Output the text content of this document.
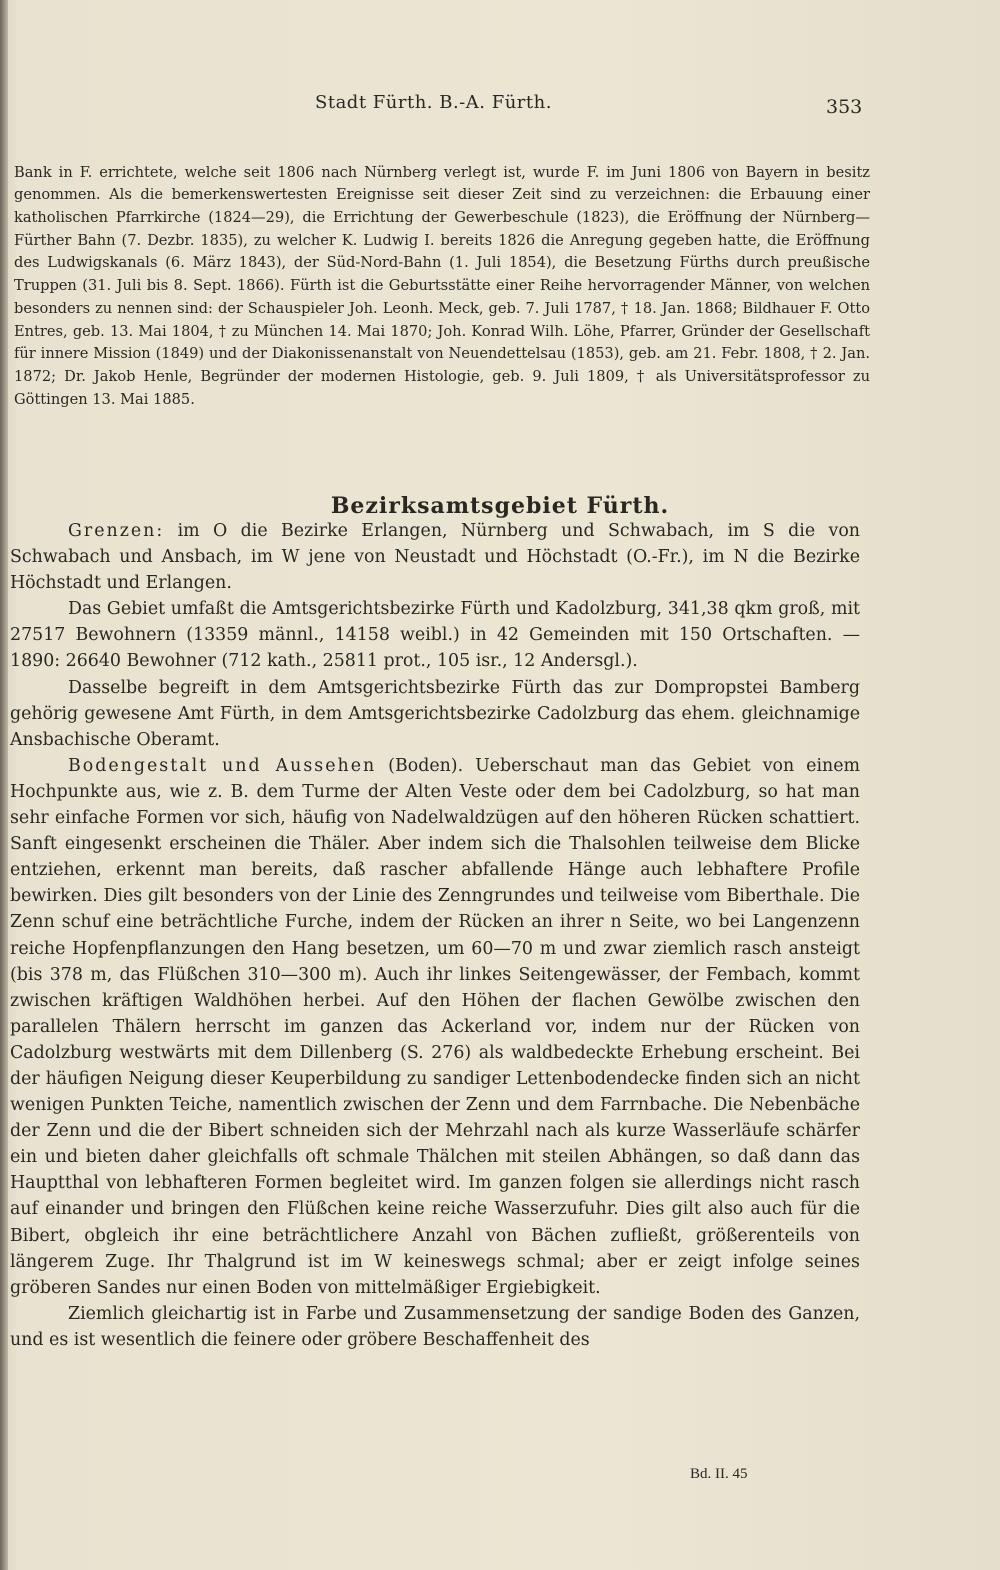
Stadt Fürth. B.-A. Fürth.	353

Bank in F. errichtete, welche seit 1806 nach Nürnberg verlegt ist, wurde F. im Juni 1806 von Bayern in besitz genommen. Als die bemerkenswertesten Ereignisse seit dieser Zeit sind zu verzeichnen: die Erbauung einer katholischen Pfarrkirche (1824—29), die Errichtung der Gewerbeschule (1823), die Eröffnung der Nürnberg—Fürther Bahn (7. Dezbr. 1835), zu welcher K. Ludwig I. bereits 1826 die Anregung gegeben hatte, die Eröffnung des Ludwigskanals (6. März 1843), der Süd-Nord-Bahn (1. Juli 1854), die Besetzung Fürths durch preußische Truppen (31. Juli bis 8. Sept. 1866). Fürth ist die Geburtsstätte einer Reihe hervorragender Männer, von welchen besonders zu nennen sind: der Schauspieler Joh. Leonh. Meck, geb. 7. Juli 1787, † 18. Jan. 1868; Bildhauer F. Otto Entres, geb. 13. Mai 1804, † zu München 14. Mai 1870; Joh. Konrad Wilh. Löhe, Pfarrer, Gründer der Gesellschaft für innere Mission (1849) und der Diakonissenanstalt von Neuendettelsau (1853), geb. am 21. Febr. 1808, † 2. Jan. 1872; Dr. Jakob Henle, Begründer der modernen Histologie, geb. 9. Juli 1809, † als Universitätsprofessor zu Göttingen 13. Mai 1885.

Bezirksamtsgebiet Fürth.

Grenzen: im O die Bezirke Erlangen, Nürnberg und Schwabach, im S die von Schwabach und Ansbach, im W jene von Neustadt und Höchstadt (O.-Fr.), im N die Bezirke Höchstadt und Erlangen.

Das Gebiet umfaßt die Amtsgerichtsbezirke Fürth und Kadolzburg, 341,38 qkm groß, mit 27517 Bewohnern (13359 männl., 14158 weibl.) in 42 Gemeinden mit 150 Ortschaften. — 1890: 26640 Bewohner (712 kath., 25811 prot., 105 isr., 12 Andersgl.).

Dasselbe begreift in dem Amtsgerichtsbezirke Fürth das zur Dompropstei Bamberg gehörig gewesene Amt Fürth, in dem Amtsgerichtsbezirke Cadolzburg das ehem. gleichnamige Ansbachische Oberamt.

Bodengestalt und Aussehen (Boden). Ueberschaut man das Gebiet von einem Hochpunkte aus, wie z. B. dem Turme der Alten Veste oder dem bei Cadolzburg, so hat man sehr einfache Formen vor sich, häufig von Nadelwaldzügen auf den höheren Rücken schattiert. Sanft eingesenkt erscheinen die Thäler. Aber indem sich die Thalsohlen teilweise dem Blicke entziehen, erkennt man bereits, daß rascher abfallende Hänge auch lebhaftere Profile bewirken. Dies gilt besonders von der Linie des Zenngrundes und teilweise vom Biberthale. Die Zenn schuf eine beträchtliche Furche, indem der Rücken an ihrer n Seite, wo bei Langenzenn reiche Hopfenpflanzungen den Hang besetzen, um 60—70 m und zwar ziemlich rasch ansteigt (bis 378 m, das Flüßchen 310—300 m). Auch ihr linkes Seitengewässer, der Fembach, kommt zwischen kräftigen Waldhöhen herbei. Auf den Höhen der flachen Gewölbe zwischen den parallelen Thälern herrscht im ganzen das Ackerland vor, indem nur der Rücken von Cadolzburg westwärts mit dem Dillenberg (S. 276) als waldbedeckte Erhebung erscheint. Bei der häufigen Neigung dieser Keuperbildung zu sandiger Lettenbodendecke finden sich an nicht wenigen Punkten Teiche, namentlich zwischen der Zenn und dem Farrnbache. Die Nebenbäche der Zenn und die der Bibert schneiden sich der Mehrzahl nach als kurze Wasserläufe schärfer ein und bieten daher gleichfalls oft schmale Thälchen mit steilen Abhängen, so daß dann das Hauptthal von lebhafteren Formen begleitet wird. Im ganzen folgen sie allerdings nicht rasch auf einander und bringen den Flüßchen keine reiche Wasserzufuhr. Dies gilt also auch für die Bibert, obgleich ihr eine beträchtlichere Anzahl von Bächen zufließt, größerenteils von längerem Zuge. Ihr Thalgrund ist im W keineswegs schmal; aber er zeigt infolge seines gröberen Sandes nur einen Boden von mittelmäßiger Ergiebigkeit.

Ziemlich gleichartig ist in Farbe und Zusammensetzung der sandige Boden des Ganzen, und es ist wesentlich die feinere oder gröbere Beschaffenheit des

Bd. II. 45
